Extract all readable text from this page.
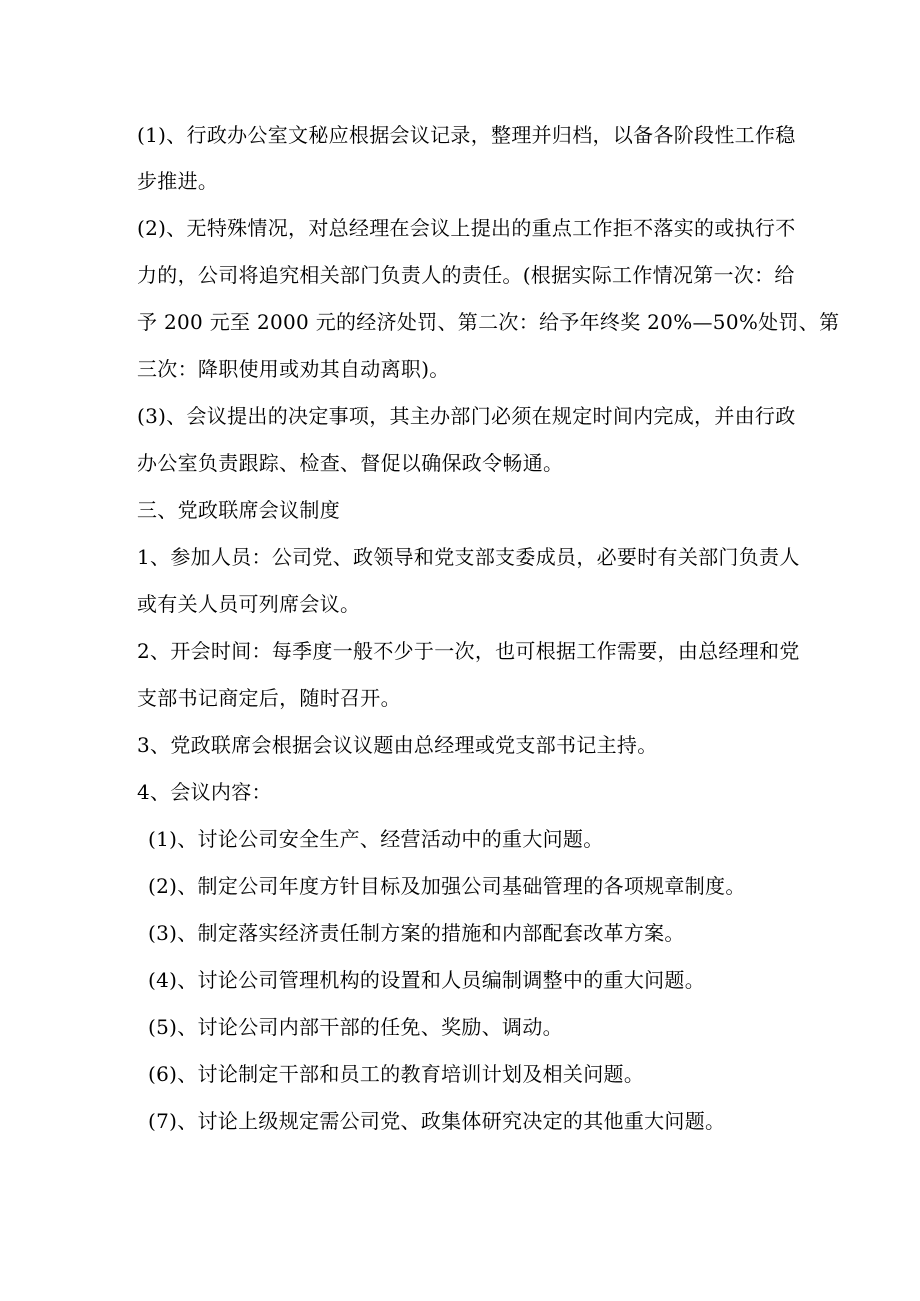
(1)、行政办公室文秘应根据会议记录，整理并归档，以备各阶段性工作稳
步推进。
(2)、无特殊情况，对总经理在会议上提出的重点工作拒不落实的或执行不
力的，公司将追究相关部门负责人的责任。(根据实际工作情况第一次：给
予 200 元至 2000 元的经济处罚、第二次：给予年终奖 20%—50%处罚、第
三次：降职使用或劝其自动离职)。
(3)、会议提出的决定事项，其主办部门必须在规定时间内完成，并由行政
办公室负责跟踪、检查、督促以确保政令畅通。
三、党政联席会议制度
1、参加人员：公司党、政领导和党支部支委成员，必要时有关部门负责人
或有关人员可列席会议。
2、开会时间：每季度一般不少于一次，也可根据工作需要，由总经理和党
支部书记商定后，随时召开。
3、党政联席会根据会议议题由总经理或党支部书记主持。
4、会议内容：
(1)、讨论公司安全生产、经营活动中的重大问题。
(2)、制定公司年度方针目标及加强公司基础管理的各项规章制度。
(3)、制定落实经济责任制方案的措施和内部配套改革方案。
(4)、讨论公司管理机构的设置和人员编制调整中的重大问题。
(5)、讨论公司内部干部的任免、奖励、调动。
(6)、讨论制定干部和员工的教育培训计划及相关问题。
(7)、讨论上级规定需公司党、政集体研究决定的其他重大问题。
